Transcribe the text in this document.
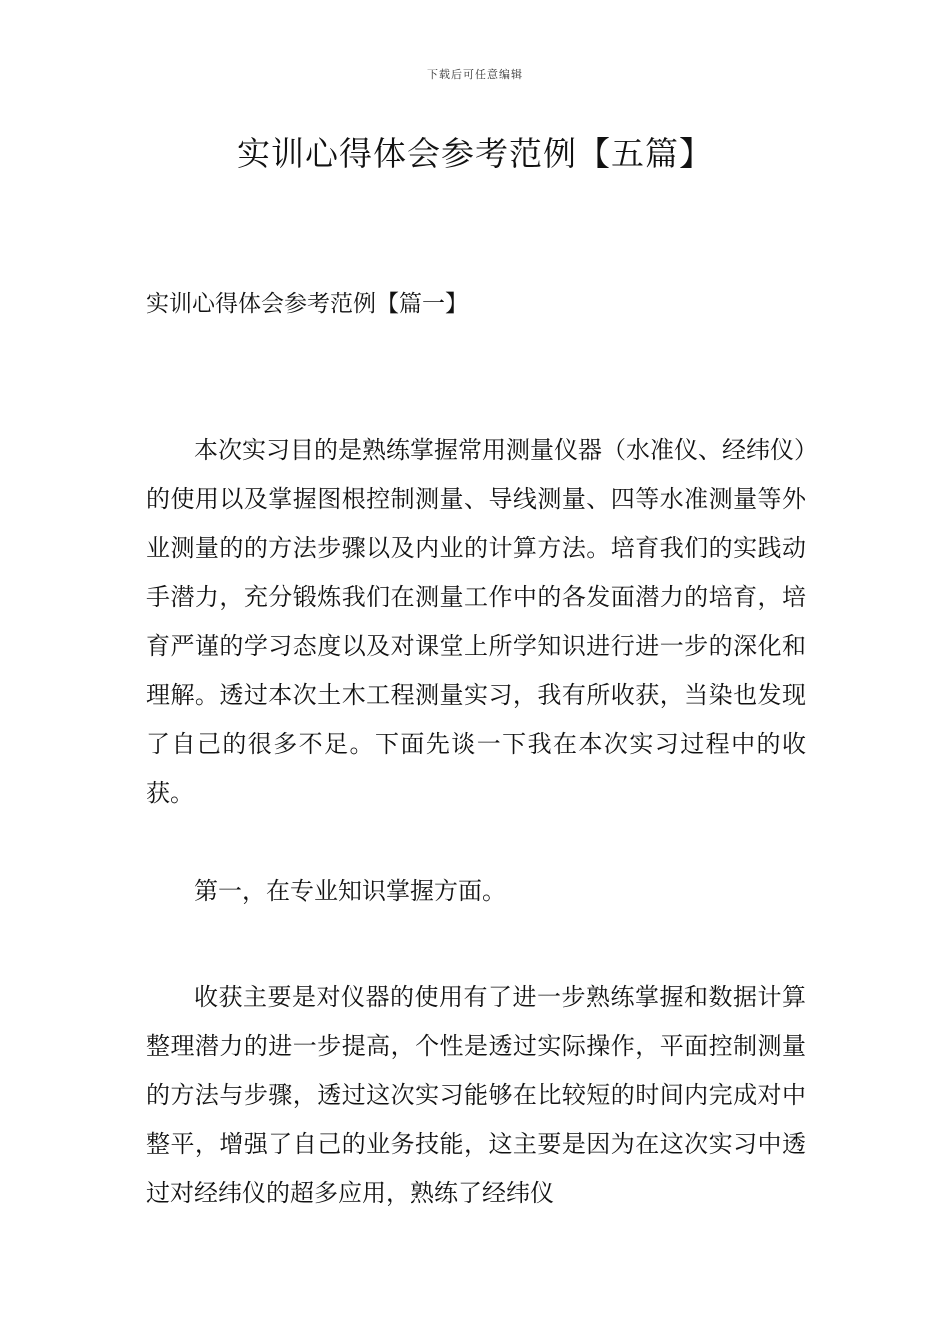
下载后可任意编辑
实训心得体会参考范例【五篇】
实训心得体会参考范例【篇一】

本次实习目的是熟练掌握常用测量仪器（水准仪、经纬仪）的使用以及掌握图根控制测量、导线测量、四等水准测量等外业测量的的方法步骤以及内业的计算方法。培育我们的实践动手潜力，充分锻炼我们在测量工作中的各发面潜力的培育，培育严谨的学习态度以及对课堂上所学知识进行进一步的深化和理解。透过本次土木工程测量实习，我有所收获，当染也发现了自己的很多不足。下面先谈一下我在本次实习过程中的收获。

第一，在专业知识掌握方面。

收获主要是对仪器的使用有了进一步熟练掌握和数据计算整理潜力的进一步提高，个性是透过实际操作，平面控制测量的方法与步骤，透过这次实习能够在比较短的时间内完成对中整平，增强了自己的业务技能，这主要是因为在这次实习中透过对经纬仪的超多应用，熟练了经纬仪
